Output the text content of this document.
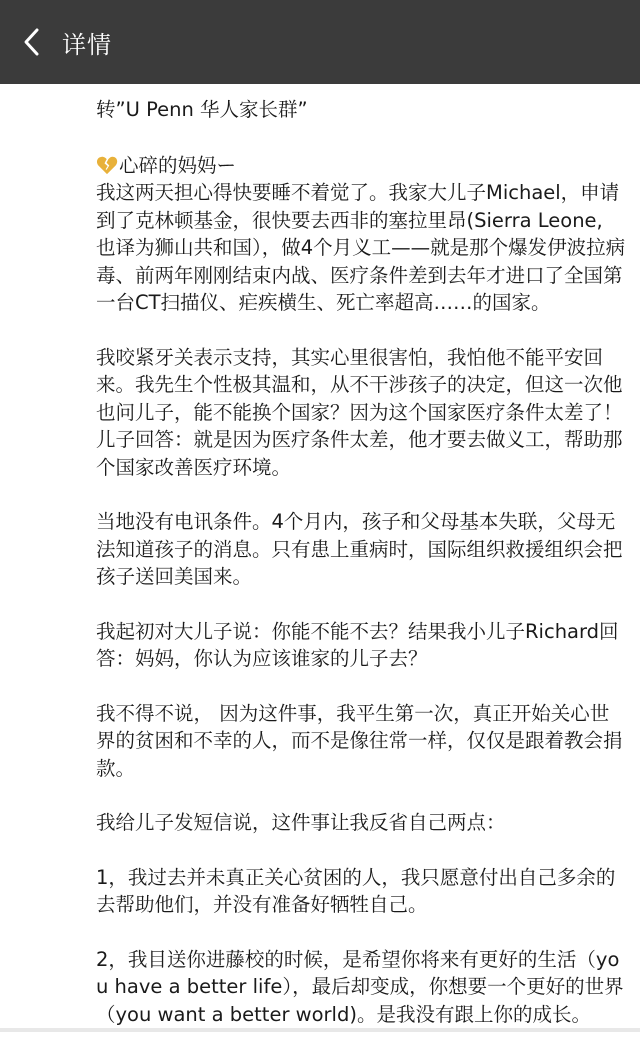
详情

转”U Penn 华人家长群”

心碎的妈妈ー

我这两天担心得快要睡不着觉了。我家大儿子Michael，申请到了克林顿基金，很快要去西非的塞拉里昂(Sierra Leone, 也译为狮山共和国），做4个月义工——就是那个爆发伊波拉病毒、前两年刚刚结束内战、医疗条件差到去年才进口了全国第一台CT扫描仪、疟疾横生、死亡率超高……的国家。

我咬紧牙关表示支持，其实心里很害怕，我怕他不能平安回来。我先生个性极其温和，从不干涉孩子的决定，但这一次他也问儿子，能不能换个国家？因为这个国家医疗条件太差了！儿子回答：就是因为医疗条件太差，他才要去做义工，帮助那个国家改善医疗环境。

当地没有电讯条件。4个月内，孩子和父母基本失联，父母无法知道孩子的消息。只有患上重病时，国际组织救援组织会把孩子送回美国来。

我起初对大儿子说：你能不能不去？结果我小儿子Richard回答：妈妈，你认为应该谁家的儿子去？

我不得不说， 因为这件事，我平生第一次，真正开始关心世界的贫困和不幸的人，而不是像往常一样，仅仅是跟着教会捐款。

我给儿子发短信说，这件事让我反省自己两点：

1，我过去并未真正关心贫困的人，我只愿意付出自己多余的去帮助他们，并没有准备好牺牲自己。

2，我目送你进藤校的时候，是希望你将来有更好的生活（you have a better life），最后却变成，你想要一个更好的世界（you want a better world)。是我没有跟上你的成长。
